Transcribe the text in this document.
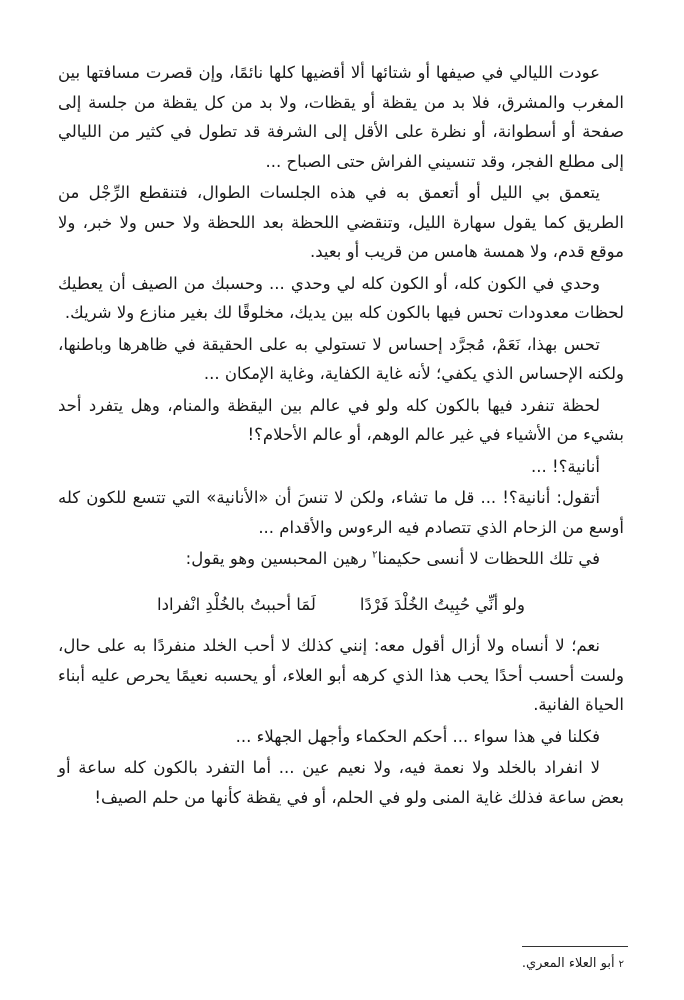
عودت الليالي في صيفها أو شتائها ألا أقضيها كلها نائمًا، وإن قصرت مسافتها بين المغرب والمشرق، فلا بد من يقظة أو يقظات، ولا بد من كل يقظة من جلسة إلى صفحة أو أسطوانة، أو نظرة على الأقل إلى الشرفة قد تطول في كثير من الليالي إلى مطلع الفجر، وقد تنسيني الفراش حتى الصباح ...

يتعمق بي الليل أو أتعمق به في هذه الجلسات الطوال، فتنقطع الرِّجْل من الطريق كما يقول سهارة الليل، وتنقضي اللحظة بعد اللحظة ولا حس ولا خبر، ولا موقع قدم، ولا همسة هامس من قريب أو بعيد.

وحدي في الكون كله، أو الكون كله لي وحدي ... وحسبك من الصيف أن يعطيك لحظات معدودات تحس فيها بالكون كله بين يديك، مخلوقًا لك بغير منازع ولا شريك.

تحس بهذا، نَعَمْ، مُجرَّد إحساس لا تستولي به على الحقيقة في ظاهرها وباطنها، ولكنه الإحساس الذي يكفي؛ لأنه غاية الكفاية، وغاية الإمكان ...

لحظة تنفرد فيها بالكون كله ولو في عالم بين اليقظة والمنام، وهل يتفرد أحد بشيء من الأشياء في غير عالم الوهم، أو عالم الأحلام؟!

أنانية؟! ...

أتقول: أنانية؟! ... قل ما تشاء، ولكن لا تنسَ أن «الأنانية» التي تتسع للكون كله أوسع من الزحام الذي تتصادم فيه الرءوس والأقدام ...

في تلك اللحظات لا أنسى حكيمنا$^٢$ رهين المحبسين وهو يقول:

ولو أنِّي حُبِيتُ الخُلْدَ فَرْدًا
لَمَا أحببتُ بالخُلْدِ انْفرادا

نعم؛ لا أنساه ولا أزال أقول معه: إنني كذلك لا أحب الخلد منفردًا به على حال، ولست أحسب أحدًا يحب هذا الذي كرهه أبو العلاء، أو يحسبه نعيمًا يحرص عليه أبناء الحياة الفانية.

فكلنا في هذا سواء ... أحكم الحكماء وأجهل الجهلاء ...

لا انفراد بالخلد ولا نعمة فيه، ولا نعيم عين ... أما التفرد بالكون كله ساعة أو بعض ساعة فذلك غاية المنى ولو في الحلم، أو في يقظة كأنها من حلم الصيف!

٢أبو العلاء المعري.
